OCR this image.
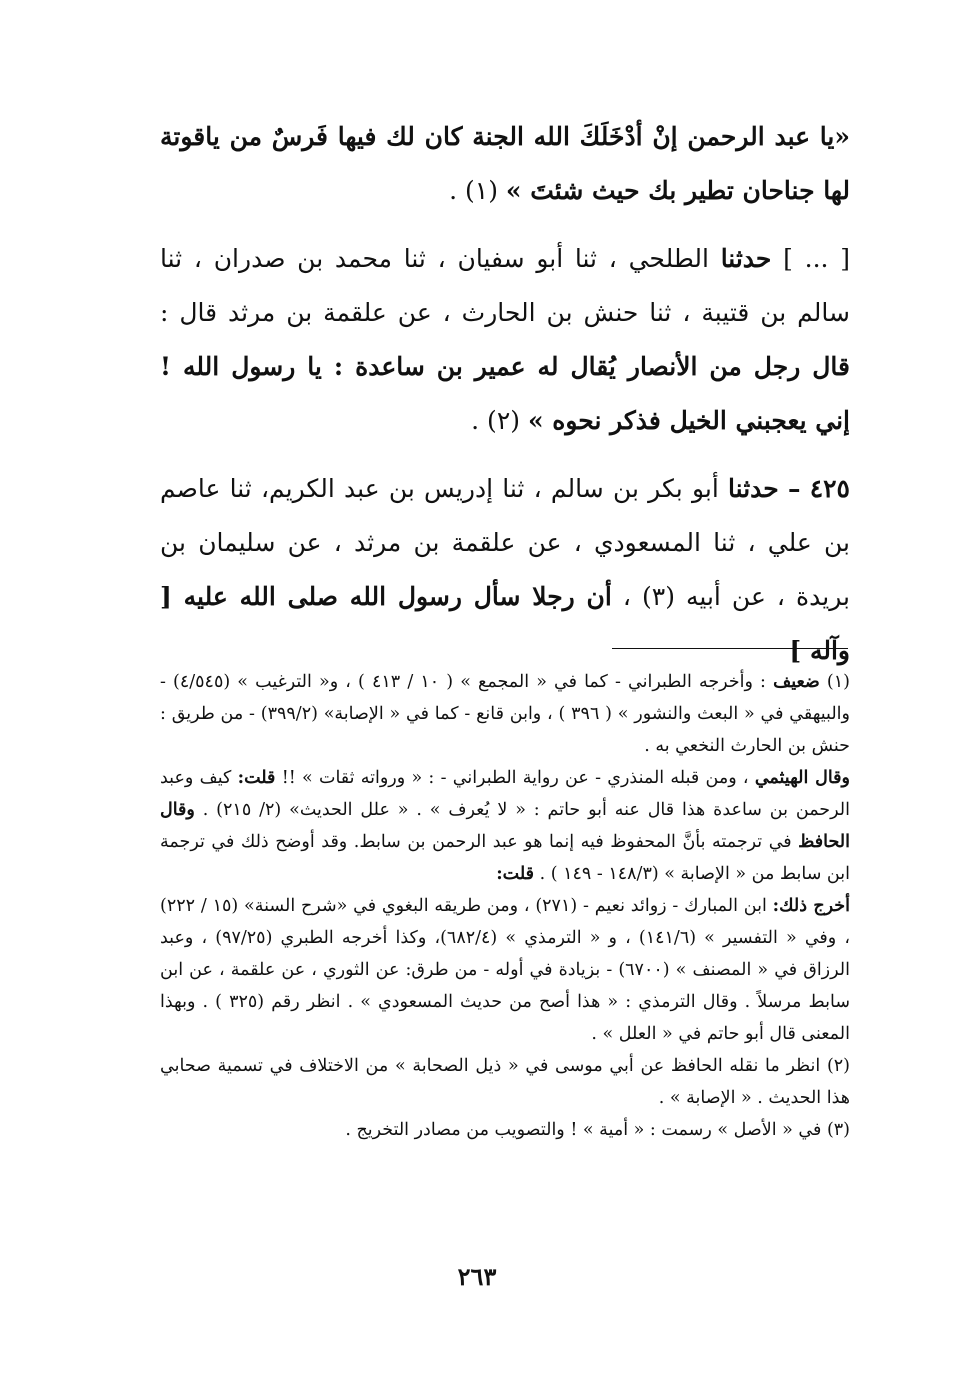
«يا عبد الرحمن إنْ أدْخَلَكَ الله الجنة كان لك فيها فَرسٌ من ياقوتة لها جناحان تطير بك حيث شئتَ » (١) .

[ ... ] حدثنا الطلحي ، ثنا أبو سفيان ، ثنا محمد بن صدران ، ثنا سالم بن قتيبة ، ثنا حنش بن الحارث ، عن علقمة بن مرثد قال : قال رجل من الأنصار يُقال له عمير بن ساعدة : يا رسول الله ! إني يعجبني الخيل فذكر نحوه » (٢) .

٤٢٥ – حدثنا أبو بكر بن سالم ، ثنا إدريس بن عبد الكريم، ثنا عاصم بن علي ، ثنا المسعودي ، عن علقمة بن مرثد ، عن سليمان بن بريدة ، عن أبيه (٣) ، أن رجلا سأل رسول الله صلى الله عليه [ وآله ]

(١) ضعيف : وأخرجه الطبراني - كما في « المجمع » ( ١٠ / ٤١٣ ) ، و« الترغيب » (٤/٥٤٥) - والبيهقي في « البعث والنشور » ( ٣٩٦ ) ، وابن قانع - كما في « الإصابة» (٣٩٩/٢) - من طريق : حنش بن الحارث النخعي به .
وقال الهيثمي ، ومن قبله المنذري - عن رواية الطبراني - : « ورواته ثقات » !! قلت: كيف وعبد الرحمن بن ساعدة هذا قال عنه أبو حاتم : « لا يُعرف » . « علل الحديث» (٢/ ٢١٥) . وقال الحافظ في ترجمته بأنَّ المحفوظ فيه إنما هو عبد الرحمن بن سابط. وقد أوضح ذلك في ترجمة ابن سابط من « الإصابة » (١٤٨/٣ - ١٤٩ ) . قلت:
أخرج ذلك: ابن المبارك - زوائد نعيم - (٢٧١) ، ومن طريقه البغوي في «شرح السنة» (١٥ / ٢٢٢) ، وفي « التفسير » (١٤١/٦) ، و « الترمذي » (٦٨٢/٤)، وكذا أخرجه الطبري (٩٧/٢٥) ، وعبد الرزاق في « المصنف » (٦٧٠٠) - بزيادة في أوله - من طرق: عن الثوري ، عن علقمة ، عن ابن سابط مرسلاً . وقال الترمذي : « هذا أصح من حديث المسعودي » . انظر رقم (٣٢٥ ) . وبهذا المعنى قال أبو حاتم في « العلل » .

(٢) انظر ما نقله الحافظ عن أبي موسى في « ذيل الصحابة » من الاختلاف في تسمية صحابي هذا الحديث . « الإصابة » .

(٣) في « الأصل » رسمت : « أمية » ! والتصويب من مصادر التخريج .

٢٦٣
